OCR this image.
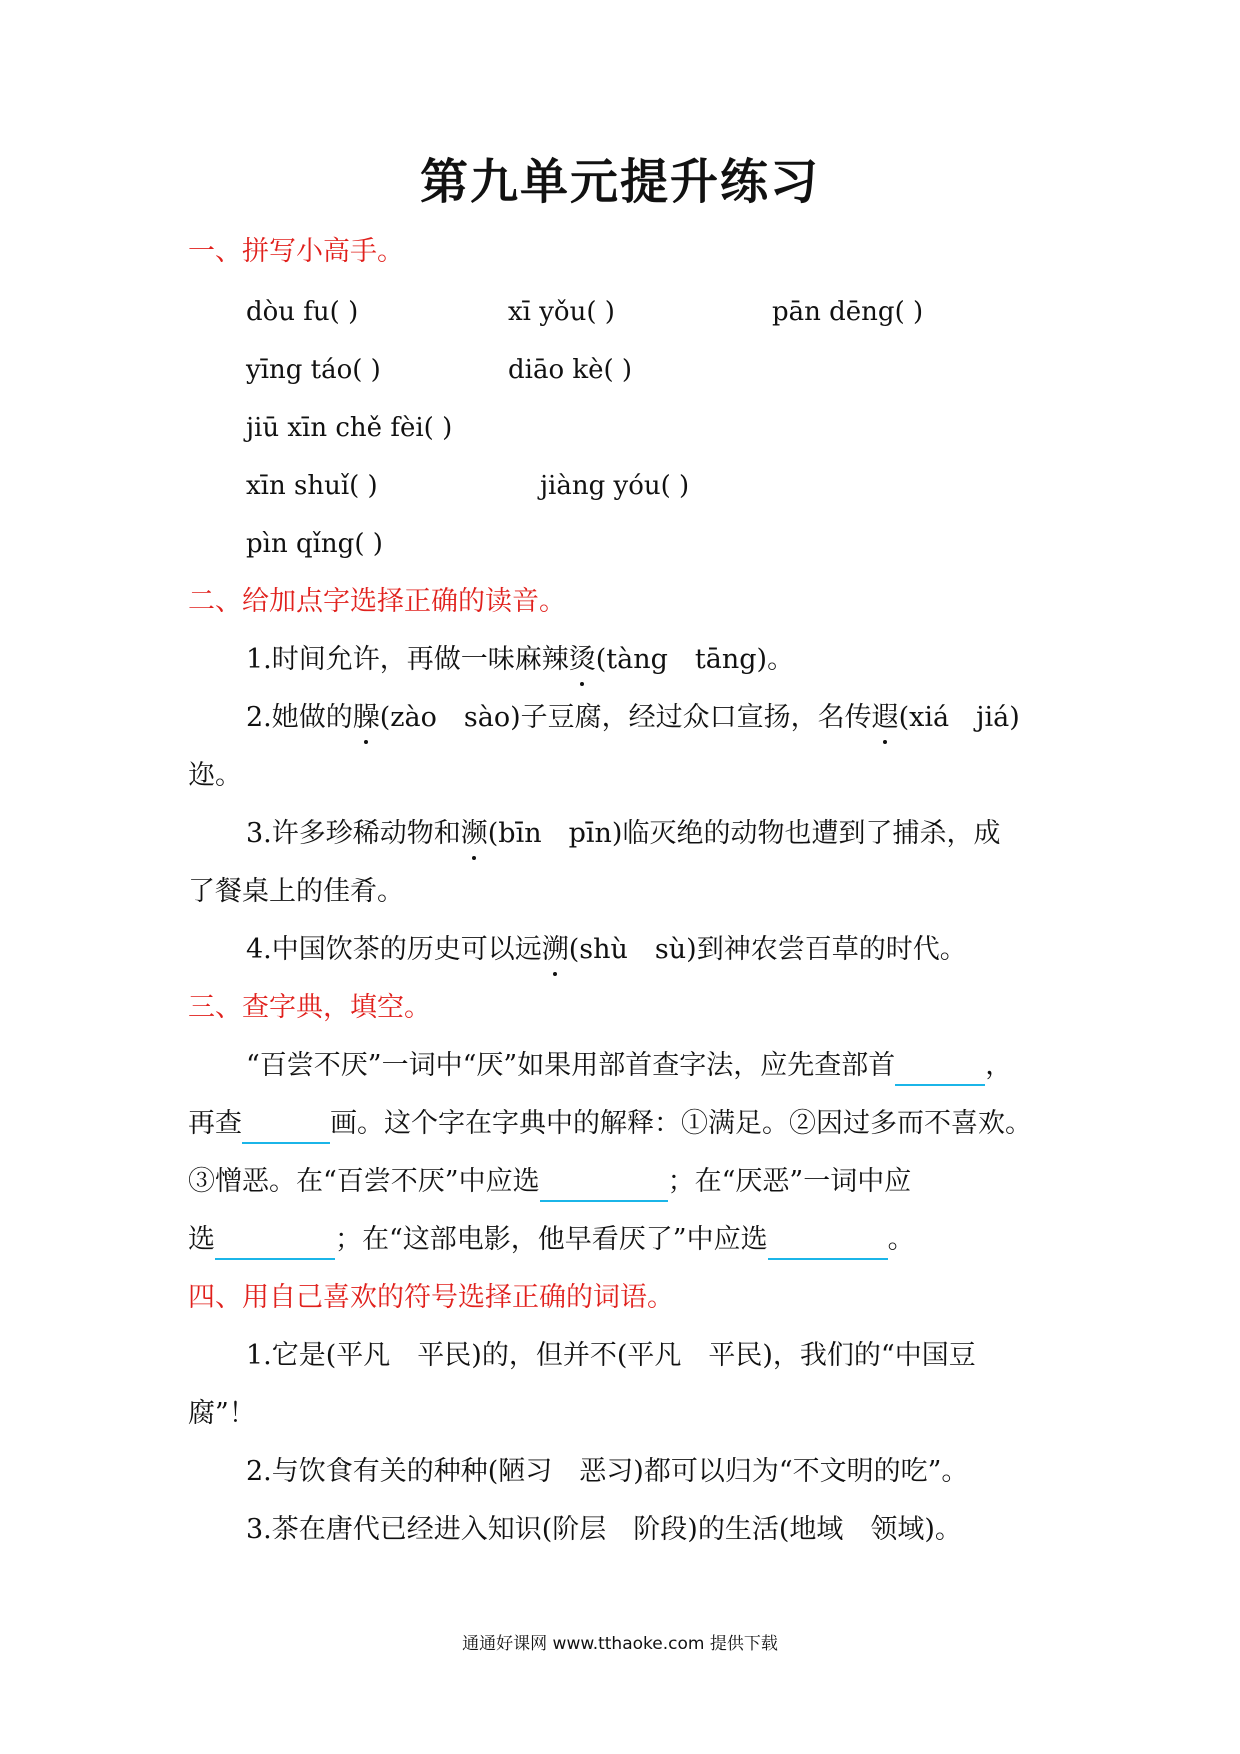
第九单元提升练习
一、拼写小高手。
dòu fu( )	xī yǒu( )	pān dēng( )
yīng táo( )	diāo kè( )
jiū xīn chě fèi( )
xīn shuǐ( )	jiàng yóu( )
pìn qǐng( )
二、给加点字选择正确的读音。
1.时间允许，再做一味麻辣烫(tàng　tāng)。
2.她做的臊(zào　sào)子豆腐，经过众口宣扬，名传遐(xiá　jiá)
迩。
3.许多珍稀动物和濒(bīn　pīn)临灭绝的动物也遭到了捕杀，成
了餐桌上的佳肴。
4.中国饮茶的历史可以远溯(shù　sù)到神农尝百草的时代。
三、查字典，填空。
“百尝不厌”一词中“厌”如果用部首查字法，应先查部首	，
再查	画。这个字在字典中的解释：①满足。②因过多而不喜欢。
③憎恶。在“百尝不厌”中应选	；在“厌恶”一词中应
选	；在“这部电影，他早看厌了”中应选	。
四、用自己喜欢的符号选择正确的词语。
1.它是(平凡　平民)的，但并不(平凡　平民)，我们的“中国豆
腐”！
2.与饮食有关的种种(陋习　恶习)都可以归为“不文明的吃”。
3.茶在唐代已经进入知识(阶层　阶段)的生活(地域　领域)。
通通好课网 www.tthaoke.com 提供下载
